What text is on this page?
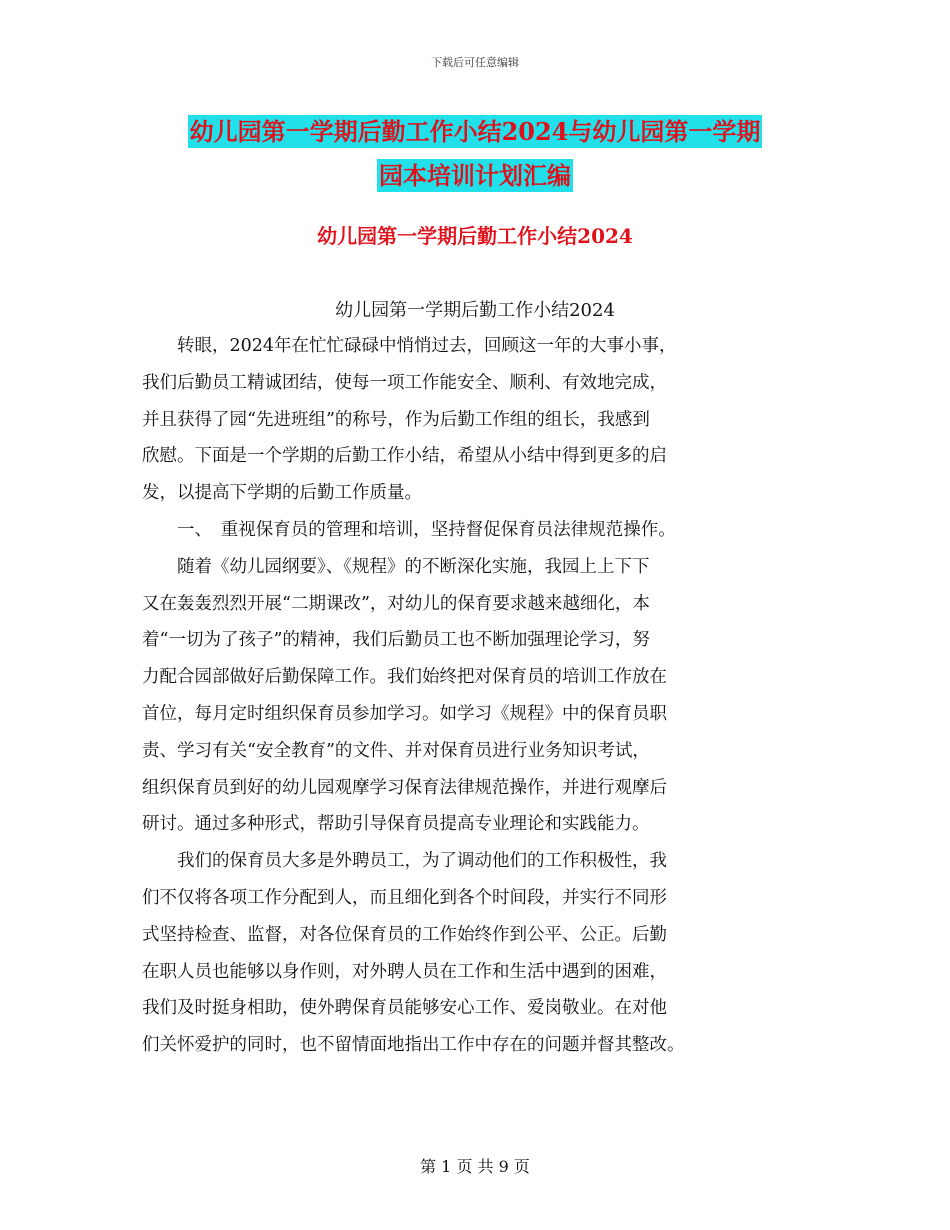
下载后可任意编辑
幼儿园第一学期后勤工作小结2024与幼儿园第一学期
园本培训计划汇编
幼儿园第一学期后勤工作小结2024
幼儿园第一学期后勤工作小结2024

　　转眼，2024年在忙忙碌碌中悄悄过去，回顾这一年的大事小事，

我们后勤员工精诚团结，使每一项工作能安全、顺利、有效地完成，

并且获得了园“先进班组”的称号，作为后勤工作组的组长，我感到

欣慰。下面是一个学期的后勤工作小结，希望从小结中得到更多的启

发，以提高下学期的后勤工作质量。

　　一、　重视保育员的管理和培训，坚持督促保育员法律规范操作。

　　随着《幼儿园纲要》、《规程》的不断深化实施，我园上上下下

又在轰轰烈烈开展“二期课改”，对幼儿的保育要求越来越细化，本

着“一切为了孩子”的精神，我们后勤员工也不断加强理论学习，努

力配合园部做好后勤保障工作。我们始终把对保育员的培训工作放在

首位，每月定时组织保育员参加学习。如学习《规程》中的保育员职

责、学习有关“安全教育”的文件、并对保育员进行业务知识考试，

组织保育员到好的幼儿园观摩学习保育法律规范操作，并进行观摩后

研讨。通过多种形式，帮助引导保育员提高专业理论和实践能力。

　　我们的保育员大多是外聘员工，为了调动他们的工作积极性，我

们不仅将各项工作分配到人，而且细化到各个时间段，并实行不同形

式坚持检查、监督，对各位保育员的工作始终作到公平、公正。后勤

在职人员也能够以身作则，对外聘人员在工作和生活中遇到的困难，

我们及时挺身相助，使外聘保育员能够安心工作、爱岗敬业。在对他

们关怀爱护的同时，也不留情面地指出工作中存在的问题并督其整改。

第 1 页 共 9 页
